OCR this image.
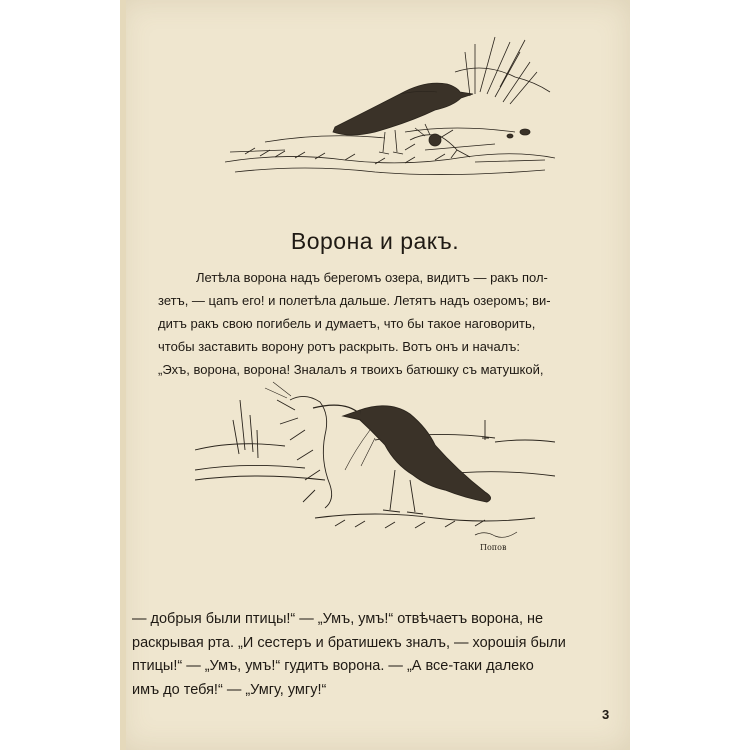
Ворона и ракъ.
Летѣла ворона надъ берегомъ озера, видитъ — ракъ пол-
зетъ, — цапъ его! и полетѣла дальше. Летятъ надъ озеромъ; ви-
дитъ ракъ свою погибель и думаетъ, что бы такое наговорить,
чтобы заставить ворону ротъ раскрыть. Вотъ онъ и началъ:
„Эхъ, ворона, ворона! Зналалъ я твоихъ батюшку съ матушкой,
Попов
— добрыя были птицы!“ — „Умъ, умъ!“ отвѣчаетъ ворона, не
раскрывая рта. „И сестеръ и братишекъ зналъ, — хорошія были
птицы!“ — „Умъ, умъ!“ гудитъ ворона. — „А все-таки далеко
имъ до тебя!“ — „Умгу, умгу!“
3
